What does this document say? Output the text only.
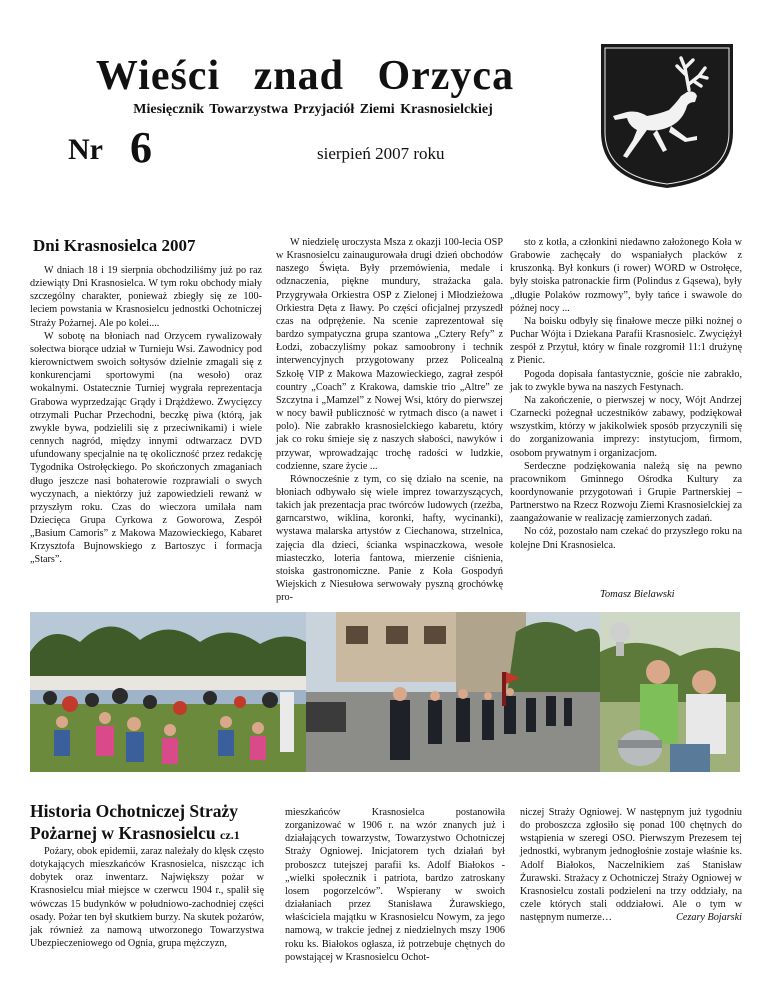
Wieści znad Orzyca
Miesięcznik Towarzystwa Przyjaciół Ziemi Krasnosielckiej
Nr 6	sierpień 2007 roku
Dni Krasnosielca 2007

W dniach 18 i 19 sierpnia obchodziliśmy już po raz dziewiąty Dni Krasnosielca. W tym roku obchody miały szczególny charakter, ponieważ zbiegły się ze 100-leciem powstania w Krasnosielcu jednostki Ochotniczej Straży Pożarnej. Ale po kolei....

W sobotę na błoniach nad Orzycem rywalizowały sołectwa biorące udział w Turnieju Wsi. Zawodnicy pod kierownictwem swoich sołtysów dzielnie zmagali się z konkurencjami sportowymi (na wesoło) oraz wokalnymi. Ostatecznie Turniej wygrała reprezentacja Grabowa wyprzedzając Grądy i Drążdżewo. Zwycięzcy otrzymali Puchar Przechodni, beczkę piwa (którą, jak zwykle bywa, podzielili się z przeciwnikami) i wiele cennych nagród, między innymi odtwarzacz DVD ufundowany specjalnie na tę okoliczność przez redakcję Tygodnika Ostrołęckiego. Po skończonych zmaganiach długo jeszcze nasi bohaterowie rozprawiali o swych wyczynach, a niektórzy już zapowiedzieli rewanż w przyszłym roku. Czas do wieczora umilała nam Dziecięca Grupa Cyrkowa z Goworowa, Zespół „Basium Camoris” z Makowa Mazowieckiego, Kabaret Krzysztofa Bujnowskiego z Bartoszyc i formacja „Stars”.

W niedzielę uroczysta Msza z okazji 100-lecia OSP w Krasnosielcu zainaugurowała drugi dzień obchodów naszego Święta. Były przemówienia, medale i odznaczenia, piękne mundury, strażacka gala. Przygrywała Orkiestra OSP z Zielonej i Młodzieżowa Orkiestra Dęta z Iławy. Po części oficjalnej przyszedł czas na odprężenie. Na scenie zaprezentował się bardzo sympatyczna grupa szantowa „Cztery Refy” z Łodzi, zobaczyliśmy pokaz samoobrony i technik interwencyjnych przygotowany przez Policealną Szkołę VIP z Makowa Mazowieckiego, zagrał zespół country „Coach” z Krakowa, damskie trio „Altre” ze Szczytna i „Mamzel” z Nowej Wsi, który do pierwszej w nocy bawił publiczność w rytmach disco (a nawet i polo). Nie zabrakło krasnosielckiego kabaretu, który jak co roku śmieje się z naszych słabości, nawyków i przywar, wprowadzając trochę radości w ludzkie, codzienne, szare życie ...

Równocześnie z tym, co się działo na scenie, na błoniach odbywało się wiele imprez towarzyszących, takich jak prezentacja prac twórców ludowych (rzeźba, garncarstwo, wiklina, koronki, hafty, wycinanki), wystawa malarska artystów z Ciechanowa, strzelnica, zajęcia dla dzieci, ścianka wspinaczkowa, wesołe miasteczko, loteria fantowa, mierzenie ciśnienia, stoiska gastronomiczne. Panie z Koła Gospodyń Wiejskich z Niesułowa serwowały pyszną grochówkę pro-

sto z kotła, a członkini niedawno założonego Koła w Grabowie zachęcały do wspaniałych placków z kruszonką. Był konkurs (i rower) WORD w Ostrołęce, były stoiska patronackie firm (Polindus z Gąsewa), były „długie Polaków rozmowy”, były tańce i swawole do późnej nocy ...

Na boisku odbyły się finałowe mecze piłki nożnej o Puchar Wójta i Dziekana Parafii Krasnosielc. Zwyciężył zespół z Przytuł, który w finale rozgromił 11:1 drużynę z Pienic.

Pogoda dopisała fantastycznie, goście nie zabrakło, jak to zwykle bywa na naszych Festynach.

Na zakończenie, o pierwszej w nocy, Wójt Andrzej Czarnecki pożegnał uczestników zabawy, podziękował wszystkim, którzy w jakikolwiek sposób przyczynili się do zorganizowania imprezy: instytucjom, firmom, osobom prywatnym i organizacjom.

Serdeczne podziękowania należą się na pewno pracownikom Gminnego Ośrodka Kultury za koordynowanie przygotowań i Grupie Partnerskiej – Partnerstwo na Rzecz Rozwoju Ziemi Krasnosielckiej za zaangażowanie w realizację zamierzonych zadań.

No cóż, pozostało nam czekać do przyszłego roku na kolejne Dni Krasnosielca.

Tomasz Bielawski
Historia Ochotniczej Straży Pożarnej w Krasnosielcu cz.1

Pożary, obok epidemii, zaraz należały do klęsk często dotykających mieszkańców Krasnosielca, niszcząc ich dobytek oraz inwentarz. Największy pożar w Krasnosielcu miał miejsce w czerwcu 1904 r., spalił się wówczas 15 budynków w południowo-zachodniej części osady. Pożar ten był skutkiem burzy. Na skutek pożarów, jak również za namową utworzonego Towarzystwa Ubezpieczeniowego od Ognia, grupa mężczyzn,

mieszkańców Krasnosielca postanowiła zorganizować w 1906 r. na wzór znanych już i działających towarzystw, Towarzystwo Ochotniczej Straży Ogniowej. Inicjatorem tych działań był proboszcz tutejszej parafii ks. Adolf Białokos - „wielki społecznik i patriota, bardzo zatroskany losem pogorzelców”. Wspierany w swoich działaniach przez Stanisława Żurawskiego, właściciela majątku w Krasnosielcu Nowym, za jego namową, w trakcie jednej z niedzielnych mszy 1906 roku ks. Białokos ogłasza, iż potrzebuje chętnych do powstającej w Krasnosielcu Ochot-

niczej Straży Ogniowej. W następnym już tygodniu do proboszcza zgłosiło się ponad 100 chętnych do wstąpienia w szeregi OSO. Pierwszym Prezesem tej jednostki, wybranym jednogłośnie zostaje właśnie ks. Adolf Białokos, Naczelnikiem zaś Stanisław Żurawski. Strażacy z Ochotniczej Straży Ogniowej w Krasnosielcu zostali podzieleni na trzy oddziały, na czele których stali oddziałowi. Ale o tym w następnym numerze…	Cezary Bojarski
